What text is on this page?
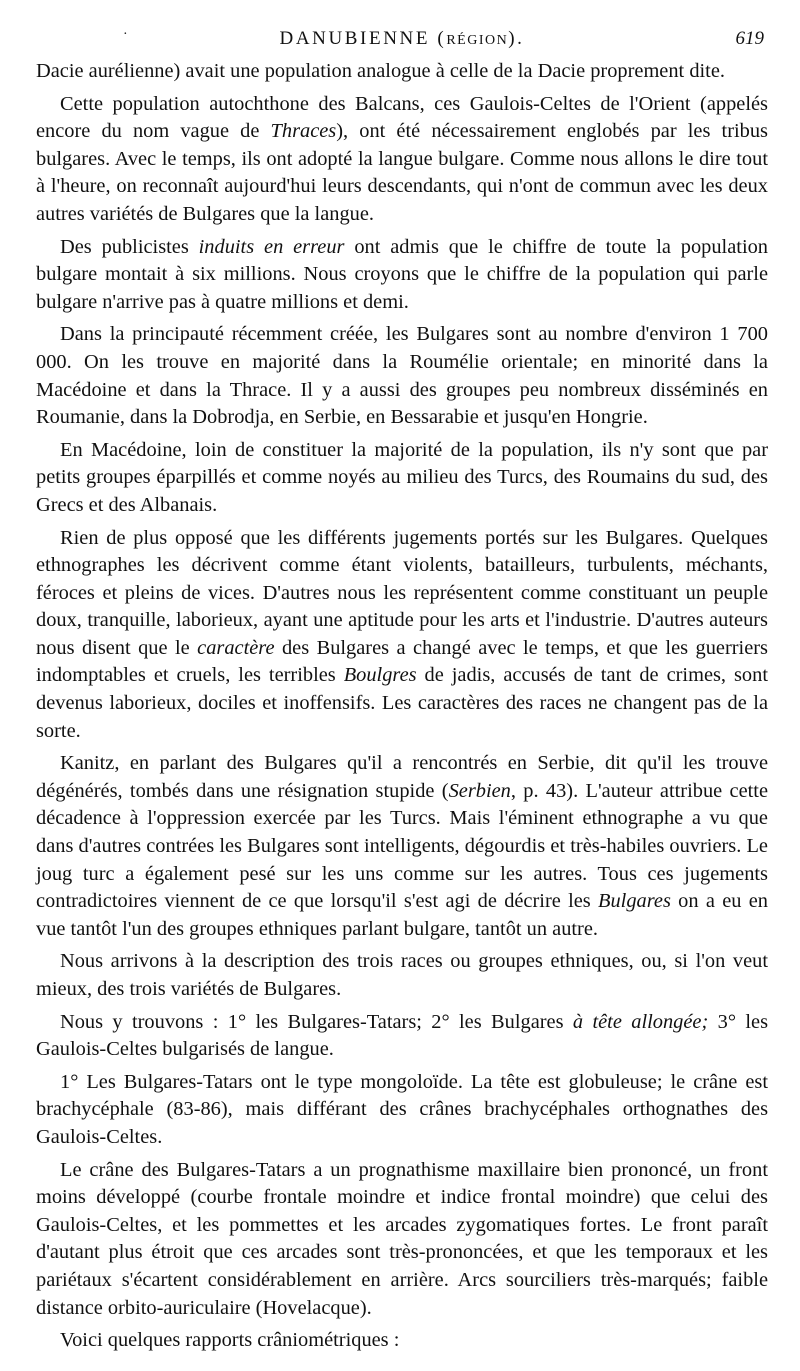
·	DANUBIENNE (RÉGION).	619

Dacie aurélienne) avait une population analogue à celle de la Dacie proprement dite.

Cette population autochthone des Balcans, ces Gaulois-Celtes de l'Orient (appelés encore du nom vague de Thraces), ont été nécessairement englobés par les tribus bulgares. Avec le temps, ils ont adopté la langue bulgare. Comme nous allons le dire tout à l'heure, on reconnaît aujourd'hui leurs descendants, qui n'ont de commun avec les deux autres variétés de Bulgares que la langue.

Des publicistes induits en erreur ont admis que le chiffre de toute la population bulgare montait à six millions. Nous croyons que le chiffre de la population qui parle bulgare n'arrive pas à quatre millions et demi.

Dans la principauté récemment créée, les Bulgares sont au nombre d'environ 1 700 000. On les trouve en majorité dans la Roumélie orientale; en minorité dans la Macédoine et dans la Thrace. Il y a aussi des groupes peu nombreux disséminés en Roumanie, dans la Dobrodja, en Serbie, en Bessarabie et jusqu'en Hongrie.

En Macédoine, loin de constituer la majorité de la population, ils n'y sont que par petits groupes éparpillés et comme noyés au milieu des Turcs, des Roumains du sud, des Grecs et des Albanais.

Rien de plus opposé que les différents jugements portés sur les Bulgares. Quelques ethnographes les décrivent comme étant violents, batailleurs, turbulents, méchants, féroces et pleins de vices. D'autres nous les représentent comme constituant un peuple doux, tranquille, laborieux, ayant une aptitude pour les arts et l'industrie. D'autres auteurs nous disent que le caractère des Bulgares a changé avec le temps, et que les guerriers indomptables et cruels, les terribles Boulgres de jadis, accusés de tant de crimes, sont devenus laborieux, dociles et inoffensifs. Les caractères des races ne changent pas de la sorte.

Kanitz, en parlant des Bulgares qu'il a rencontrés en Serbie, dit qu'il les trouve dégénérés, tombés dans une résignation stupide (Serbien, p. 43). L'auteur attribue cette décadence à l'oppression exercée par les Turcs. Mais l'éminent ethnographe a vu que dans d'autres contrées les Bulgares sont intelligents, dégourdis et très-habiles ouvriers. Le joug turc a également pesé sur les uns comme sur les autres. Tous ces jugements contradictoires viennent de ce que lorsqu'il s'est agi de décrire les Bulgares on a eu en vue tantôt l'un des groupes ethniques parlant bulgare, tantôt un autre.

Nous arrivons à la description des trois races ou groupes ethniques, ou, si l'on veut mieux, des trois variétés de Bulgares.

Nous y trouvons : 1° les Bulgares-Tatars; 2° les Bulgares à tête allongée; 3° les Gaulois-Celtes bulgarisés de langue.

1° Les Bulgares-Tatars ont le type mongoloïde. La tête est globuleuse; le crâne est brachycéphale (83-86), mais différant des crânes brachycéphales orthognathes des Gaulois-Celtes.

Le crâne des Bulgares-Tatars a un prognathisme maxillaire bien prononcé, un front moins développé (courbe frontale moindre et indice frontal moindre) que celui des Gaulois-Celtes, et les pommettes et les arcades zygomatiques fortes. Le front paraît d'autant plus étroit que ces arcades sont très-prononcées, et que les temporaux et les pariétaux s'écartent considérablement en arrière. Arcs sourciliers très-marqués; faible distance orbito-auriculaire (Hovelacque).

Voici quelques rapports crâniométriques :
